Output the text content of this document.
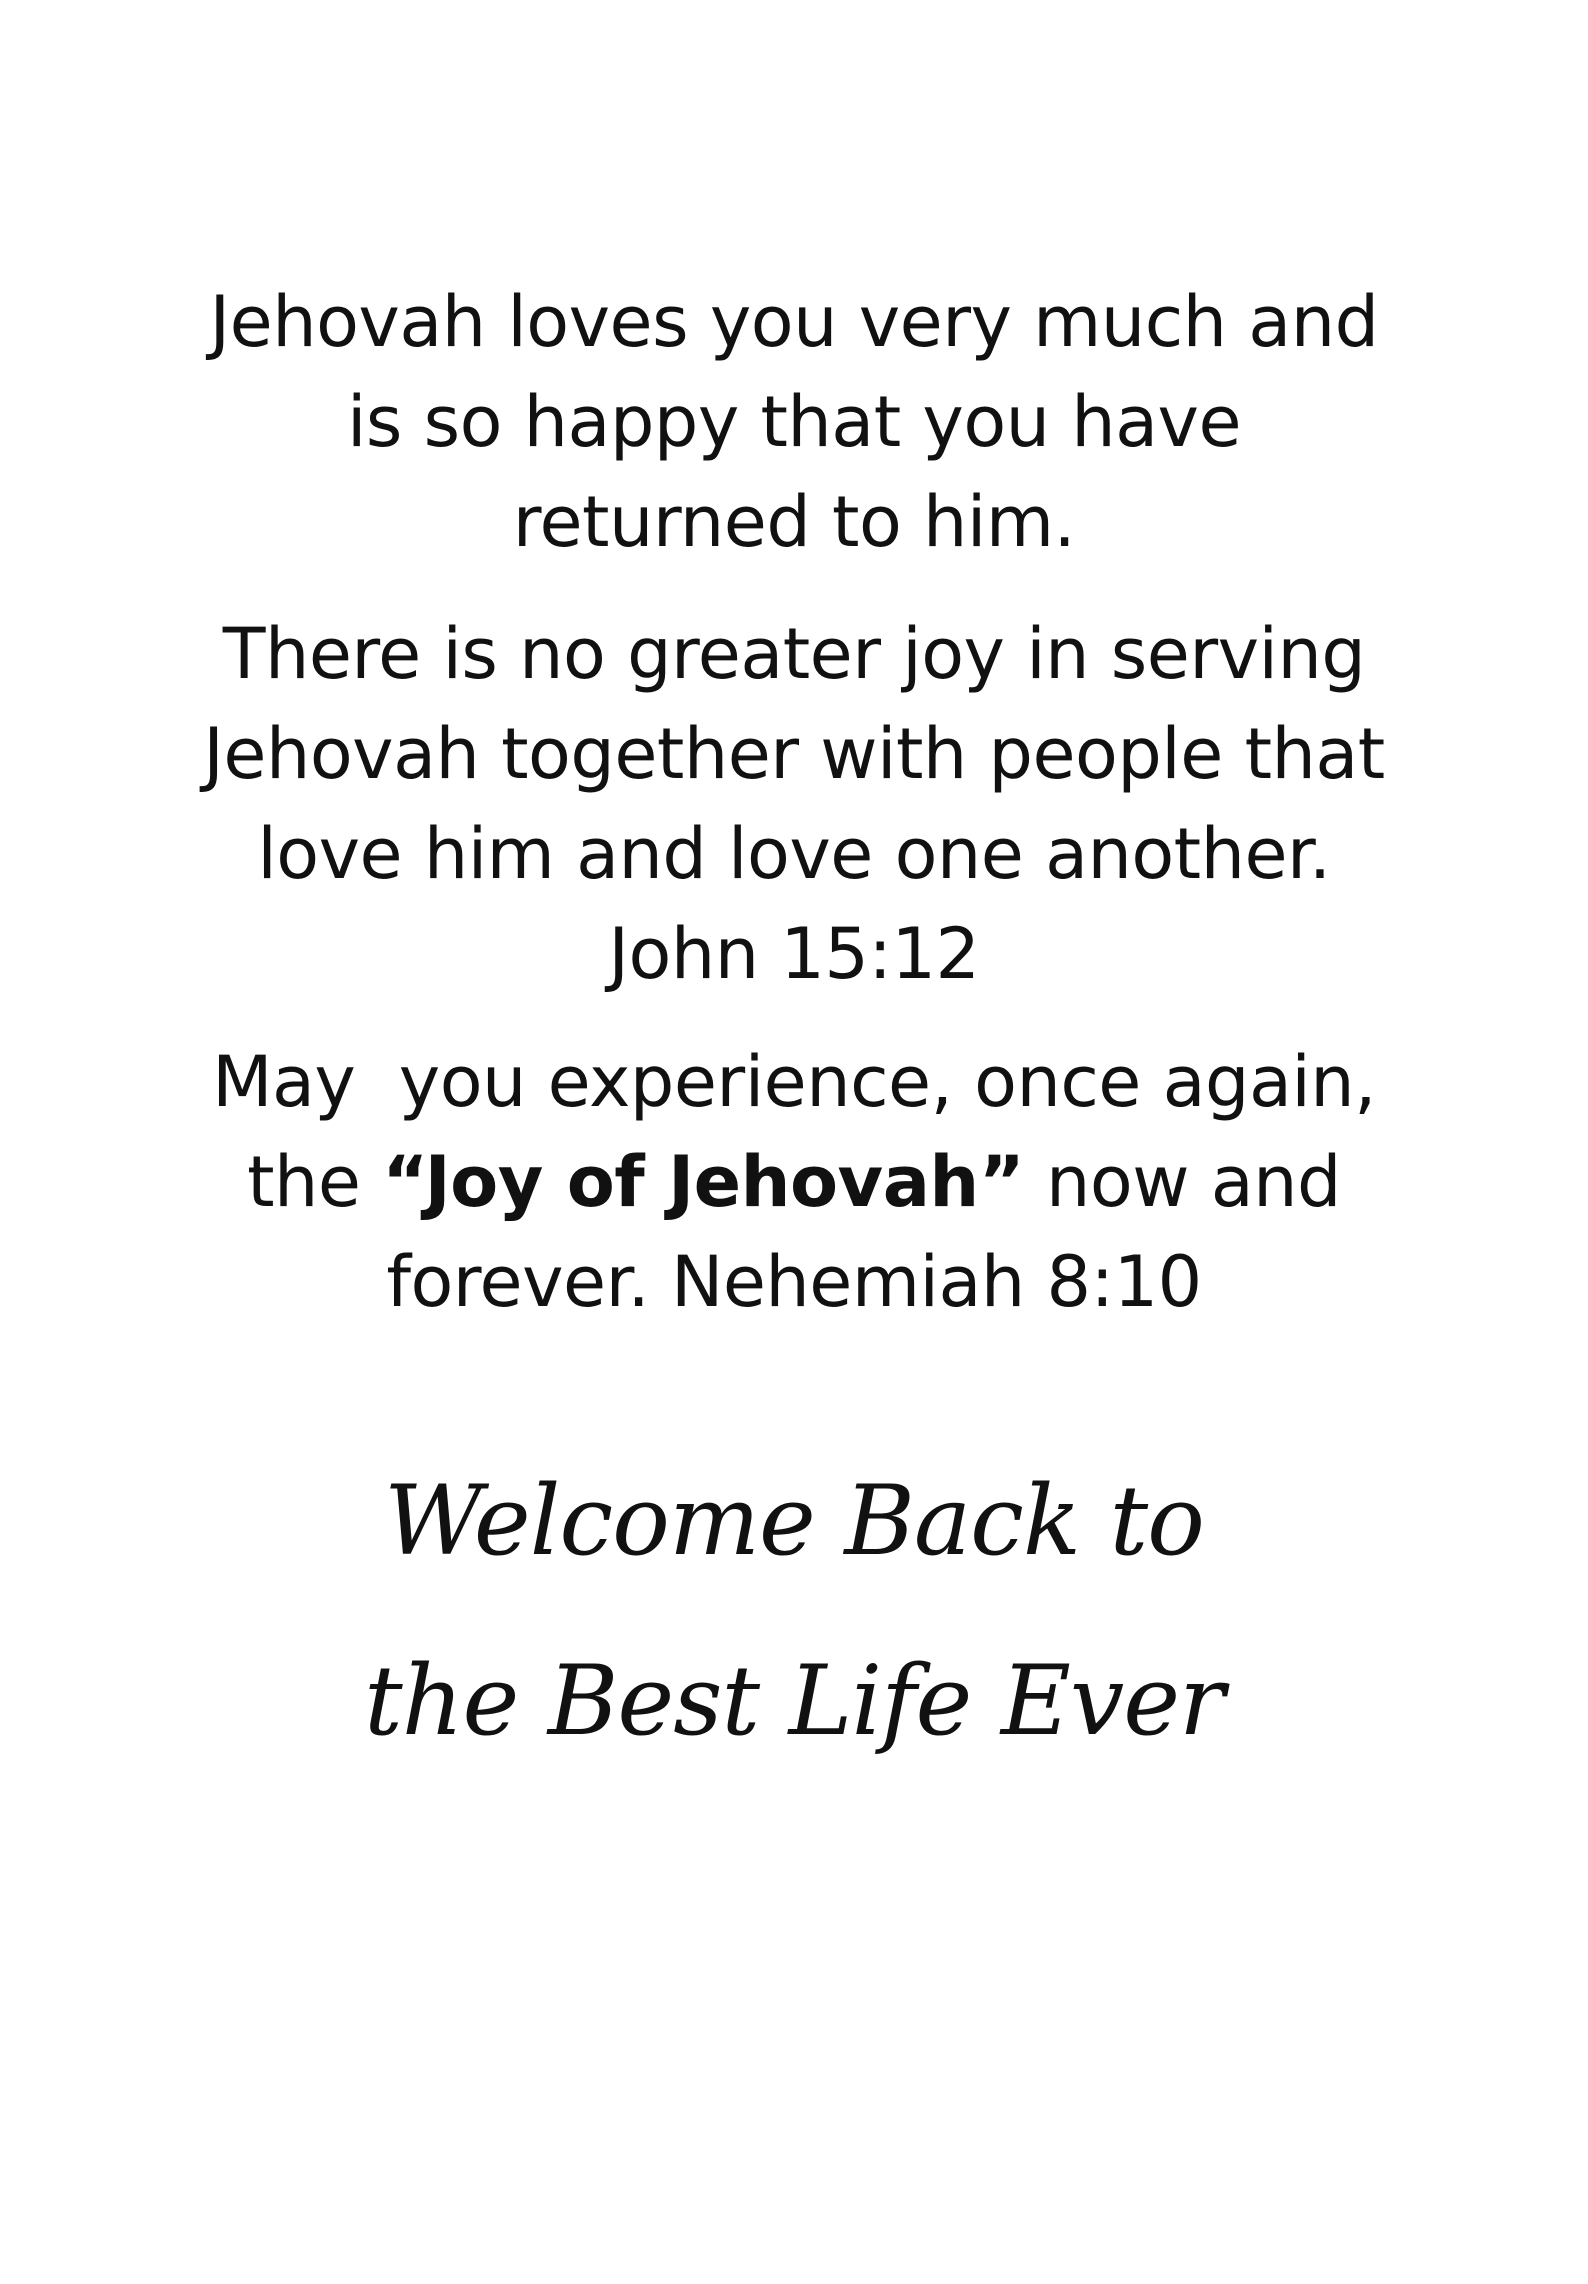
Jehovah loves you very much and
is so happy that you have
returned to him.
There is no greater joy in serving
Jehovah together with people that
love him and love one another.
John 15:12
May  you experience, once again,
the “Joy of Jehovah” now and
forever. Nehemiah 8:10
Welcome Back to
the Best Life Ever
